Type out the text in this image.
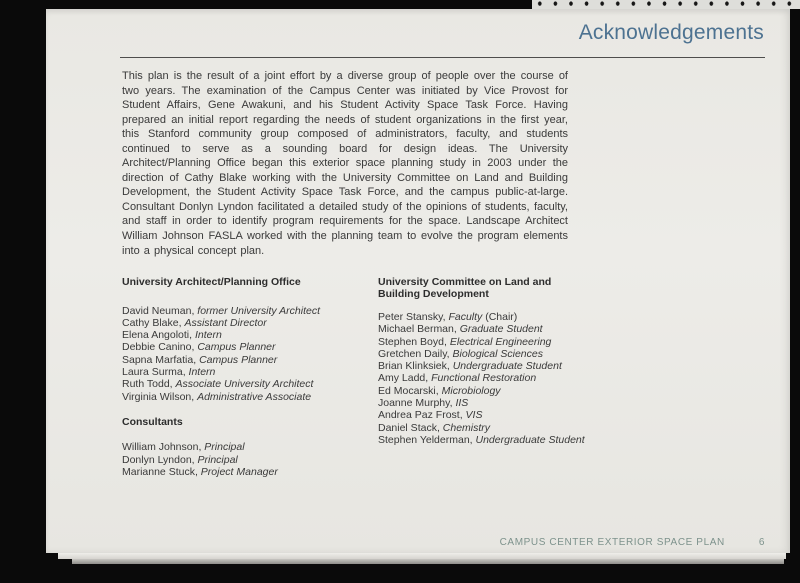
Acknowledgements

This plan is the result of a joint effort by a diverse group of people over the course of two years. The examination of the Campus Center was initiated by Vice Provost for Student Affairs, Gene Awakuni, and his Student Activity Space Task Force. Having prepared an initial report regarding the needs of student organizations in the first year, this Stanford community group composed of administrators, faculty, and students continued to serve as a sounding board for design ideas. The University Architect/Planning Office began this exterior space planning study in 2003 under the direction of Cathy Blake working with the University Committee on Land and Building Development, the Student Activity Space Task Force, and the campus public-at-large. Consultant Donlyn Lyndon facilitated a detailed study of the opinions of students, faculty, and staff in order to identify program requirements for the space. Landscape Architect William Johnson FASLA worked with the planning team to evolve the program elements into a physical concept plan.

University Architect/Planning Office
David Neuman, former University Architect
Cathy Blake, Assistant Director
Elena Angoloti, Intern
Debbie Canino, Campus Planner
Sapna Marfatia, Campus Planner
Laura Surma, Intern
Ruth Todd, Associate University Architect
Virginia Wilson, Administrative Associate
Consultants
William Johnson, Principal
Donlyn Lyndon, Principal
Marianne Stuck, Project Manager
University Committee on Land and Building Development
Peter Stansky, Faculty (Chair)
Michael Berman, Graduate Student
Stephen Boyd, Electrical Engineering
Gretchen Daily, Biological Sciences
Brian Klinksiek, Undergraduate Student
Amy Ladd, Functional Restoration
Ed Mocarski, Microbiology
Joanne Murphy, IIS
Andrea Paz Frost, VIS
Daniel Stack, Chemistry
Stephen Yelderman, Undergraduate Student
CAMPUS CENTER EXTERIOR SPACE PLAN	6
